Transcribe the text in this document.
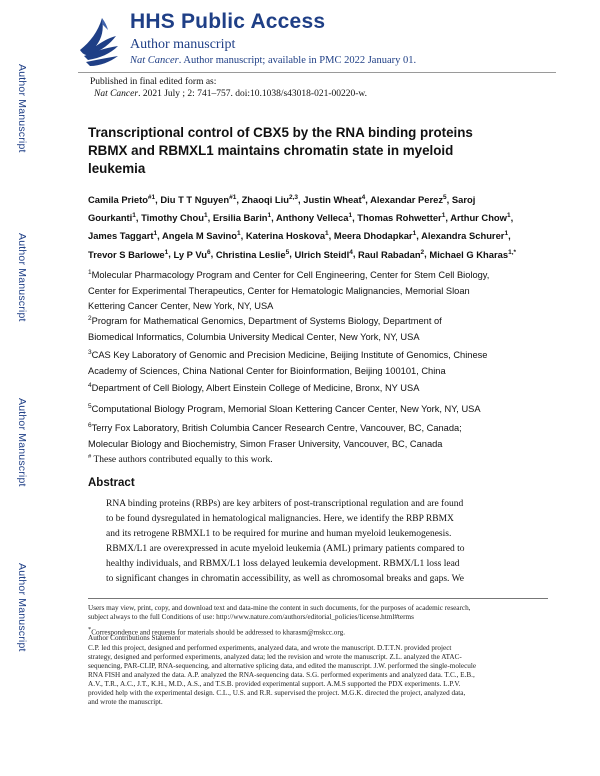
Author Manuscript
Author Manuscript
Author Manuscript
Author Manuscript
HHS Public Access
Author manuscript
Nat Cancer. Author manuscript; available in PMC 2022 January 01.
Published in final edited form as:
Nat Cancer. 2021 July ; 2: 741–757. doi:10.1038/s43018-021-00220-w.
Transcriptional control of CBX5 by the RNA binding proteins
RBMX and RBMXL1 maintains chromatin state in myeloid
leukemia
Camila Prieto$^{\#1}$, Diu T T Nguyen$^{\#1}$, Zhaoqi Liu$^{2,3}$, Justin Wheat$^4$, Alexandar Perez$^5$, Saroj Gourkanti$^1$, Timothy Chou$^1$, Ersilia Barin$^1$, Anthony Velleca$^1$, Thomas Rohwetter$^1$, Arthur Chow$^1$, James Taggart$^1$, Angela M Savino$^1$, Katerina Hoskova$^1$, Meera Dhodapkar$^1$, Alexandra Schurer$^1$, Trevor S Barlowe$^1$, Ly P Vu$^6$, Christina Leslie$^5$, Ulrich Steidl$^4$, Raul Rabadan$^2$, Michael G Kharas$^{1,*}$
$^1$Molecular Pharmacology Program and Center for Cell Engineering, Center for Stem Cell Biology,
Center for Experimental Therapeutics, Center for Hematologic Malignancies, Memorial Sloan
Kettering Cancer Center, New York, NY, USA
$^2$Program for Mathematical Genomics, Department of Systems Biology, Department of
Biomedical Informatics, Columbia University Medical Center, New York, NY, USA
$^3$CAS Key Laboratory of Genomic and Precision Medicine, Beijing Institute of Genomics, Chinese
Academy of Sciences, China National Center for Bioinformation, Beijing 100101, China
$^4$Department of Cell Biology, Albert Einstein College of Medicine, Bronx, NY USA
$^5$Computational Biology Program, Memorial Sloan Kettering Cancer Center, New York, NY, USA
$^6$Terry Fox Laboratory, British Columbia Cancer Research Centre, Vancouver, BC, Canada;
Molecular Biology and Biochemistry, Simon Fraser University, Vancouver, BC, Canada
# These authors contributed equally to this work.
Abstract
RNA binding proteins (RBPs) are key arbiters of post-transcriptional regulation and are found
to be found dysregulated in hematological malignancies. Here, we identify the RBP RBMX
and its retrogene RBMXL1 to be required for murine and human myeloid leukemogenesis.
RBMX/L1 are overexpressed in acute myeloid leukemia (AML) primary patients compared to
healthy individuals, and RBMX/L1 loss delayed leukemia development. RBMX/L1 loss lead
to significant changes in chromatin accessibility, as well as chromosomal breaks and gaps. We
Users may view, print, copy, and download text and data-mine the content in such documents, for the purposes of academic research,
subject always to the full Conditions of use: http://www.nature.com/authors/editorial_policies/license.html#terms
*Correspondence and requests for materials should be addressed to kharasm@mskcc.org.
Author Contributions Statement
C.P. led this project, designed and performed experiments, analyzed data, and wrote the manuscript. D.T.T.N. provided project
strategy, designed and performed experiments, analyzed data; led the revision and wrote the manuscript. Z.L. analyzed the ATAC-
sequencing, PAR-CLIP, RNA-sequencing, and alternative splicing data, and edited the manuscript. J.W. performed the single-molecule
RNA FISH and analyzed the data. A.P. analyzed the RNA-sequencing data. S.G. performed experiments and analyzed data. T.C., E.B.,
A.V., T.R., A.C., J.T., K.H., M.D., A.S., and T.S.B. provided experimental support. A.M.S supported the PDX experiments. L.P.V.
provided help with the experimental design. C.L., U.S. and R.R. supervised the project. M.G.K. directed the project, analyzed data,
and wrote the manuscript.
